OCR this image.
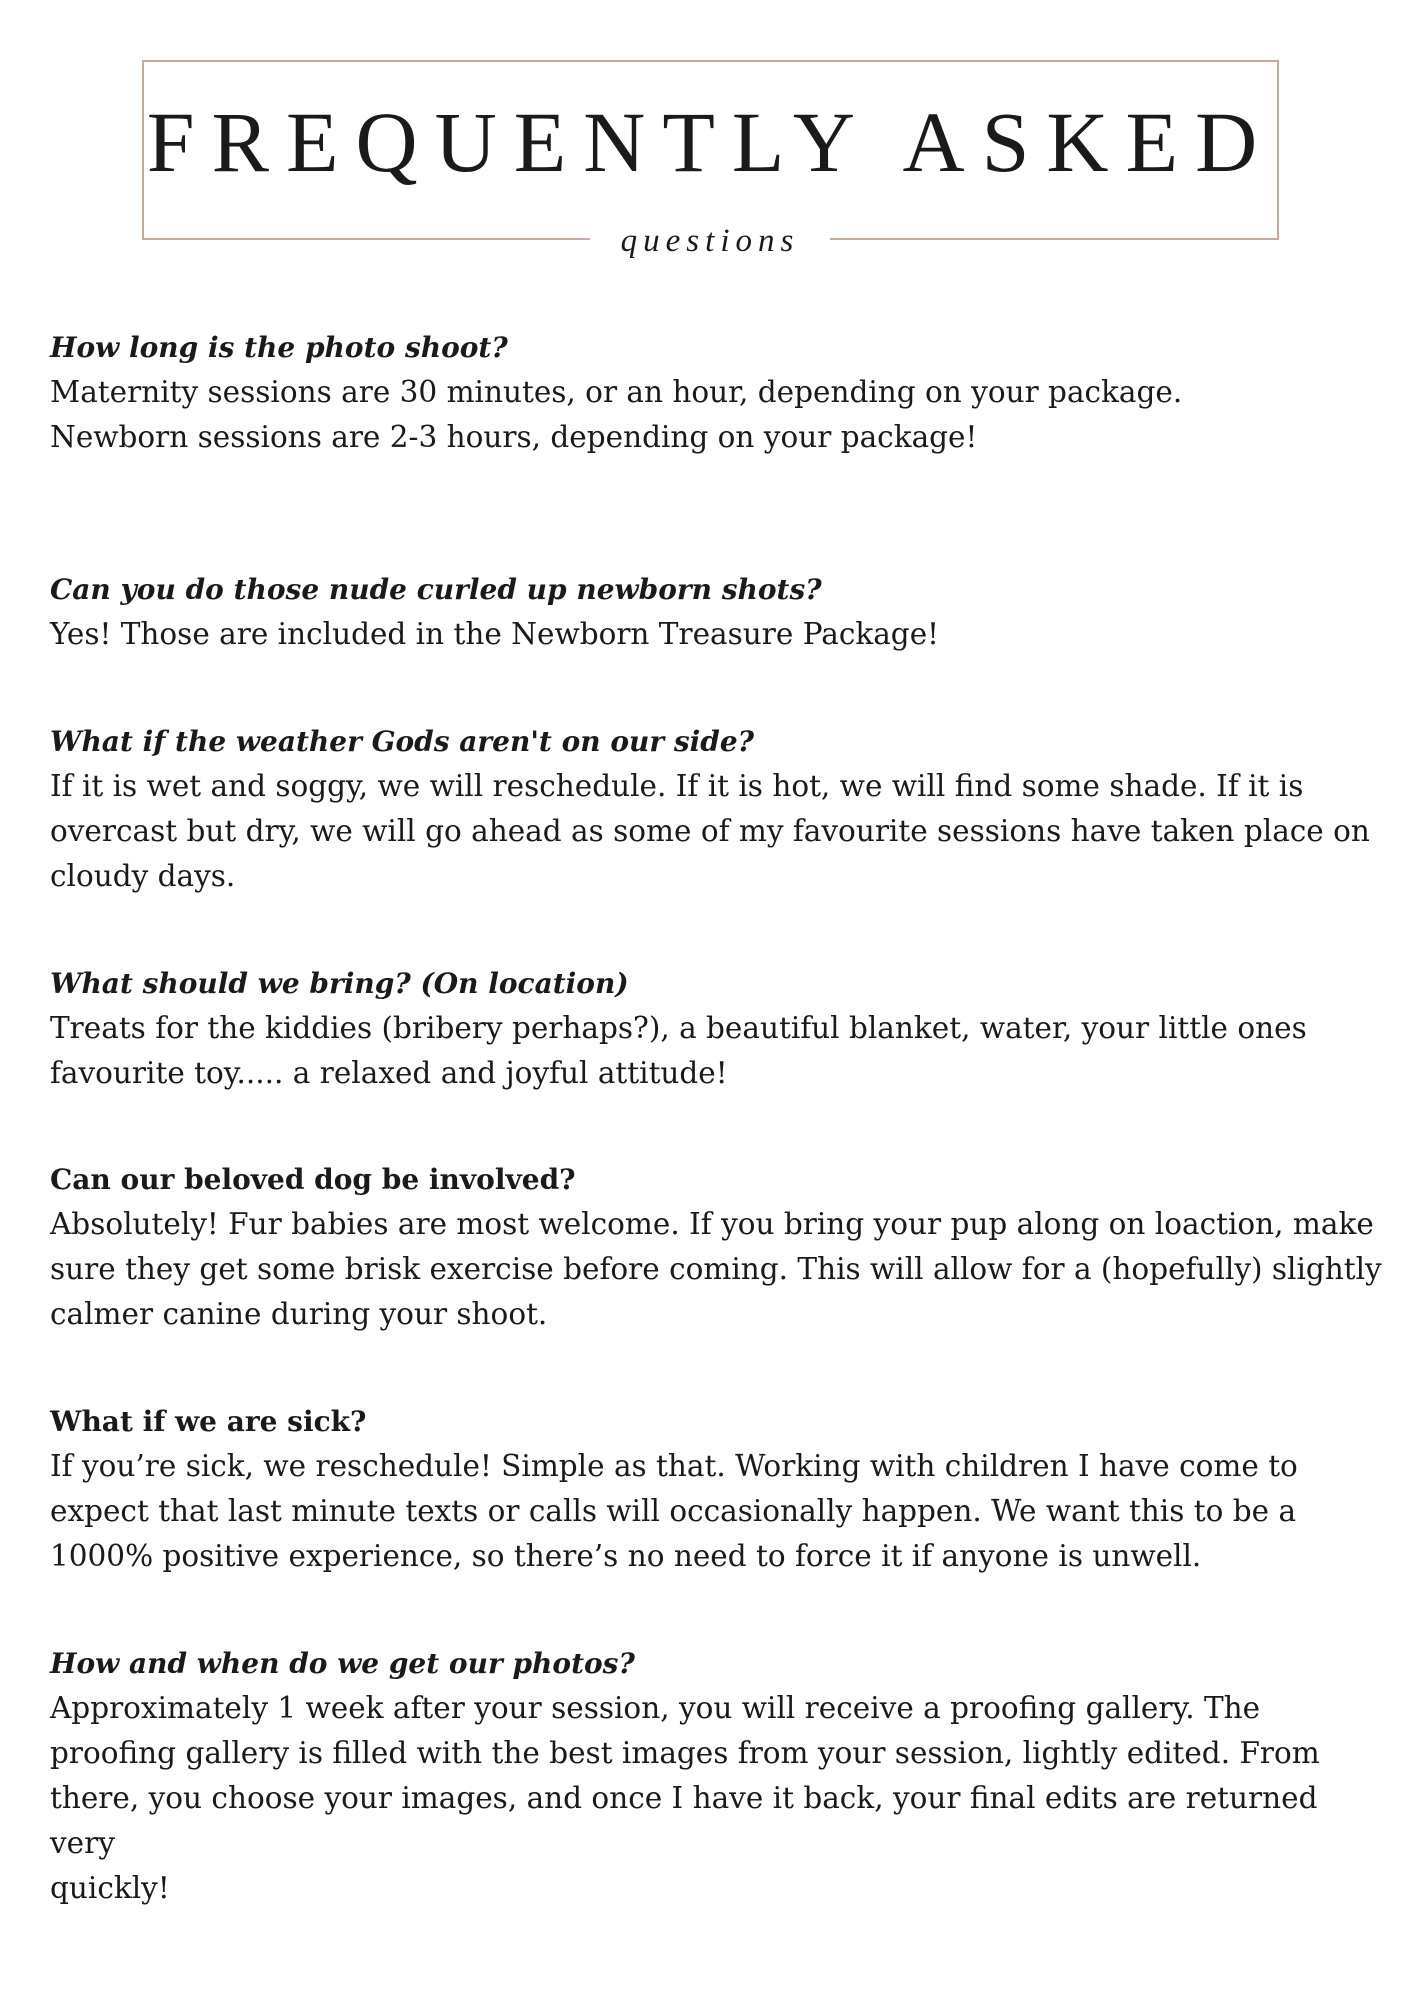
FREQUENTLY ASKED
questions

How long is the photo shoot?

Maternity sessions are 30 minutes, or an hour, depending on your package.

Newborn sessions are 2-3 hours, depending on your package!

Can you do those nude curled up newborn shots?

Yes! Those are included in the Newborn Treasure Package!

What if the weather Gods aren't on our side?

If it is wet and soggy, we will reschedule. If it is hot, we will find some shade. If it is

overcast but dry, we will go ahead as some of my favourite sessions have taken place on

cloudy days.

What should we bring? (On location)

Treats for the kiddies (bribery perhaps?), a beautiful blanket, water, your little ones

favourite toy..... a relaxed and joyful attitude!

Can our beloved dog be involved?

Absolutely! Fur babies are most welcome. If you bring your pup along on loaction, make

sure they get some brisk exercise before coming. This will allow for a (hopefully) slightly

calmer canine during your shoot.

What if we are sick?

If you’re sick, we reschedule! Simple as that. Working with children I have come to

expect that last minute texts or calls will occasionally happen. We want this to be a

1000% positive experience, so there’s no need to force it if anyone is unwell.

How and when do we get our photos?

Approximately 1 week after your session, you will receive a proofing gallery. The

proofing gallery is filled with the best images from your session, lightly edited. From

there, you choose your images, and once I have it back, your final edits are returned very

quickly!
